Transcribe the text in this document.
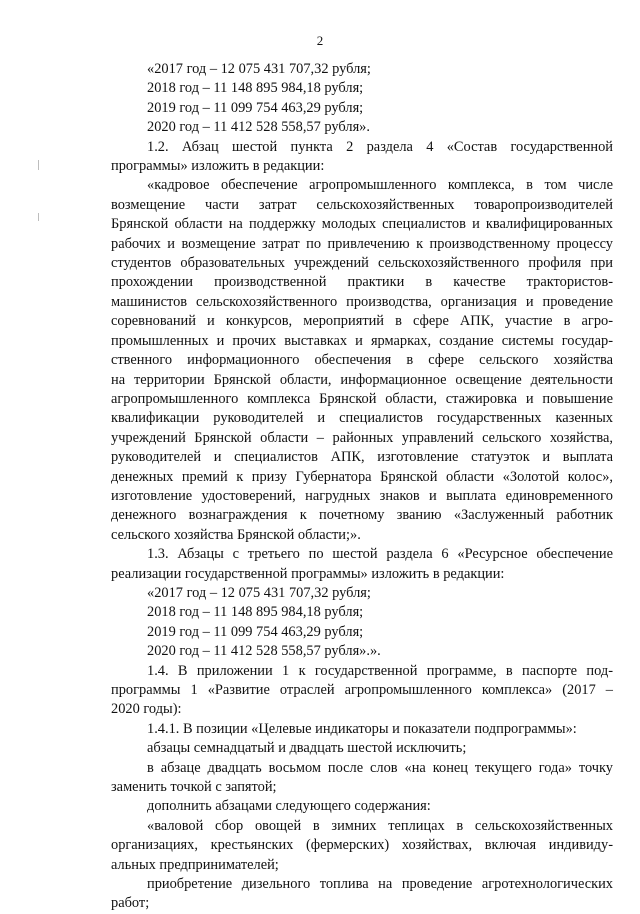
2
«2017 год – 12 075 431 707,32 рубля;
2018 год – 11 148 895 984,18 рубля;
2019 год – 11 099 754 463,29 рубля;
2020 год – 11 412 528 558,57 рубля».
1.2. Абзац шестой пункта 2 раздела 4 «Состав государственной
программы» изложить в редакции:
«кадровое обеспечение агропромышленного комплекса, в том числе
возмещение части затрат сельскохозяйственных товаропроизводителей
Брянской области на поддержку молодых специалистов и квалифицированных
рабочих и возмещение затрат по привлечению к производственному процессу
студентов образовательных учреждений сельскохозяйственного профиля при
прохождении производственной практики в качестве трактористов-
машинистов сельскохозяйственного производства, организация и проведение
соревнований и конкурсов, мероприятий в сфере АПК, участие в агро-
промышленных и прочих выставках и ярмарках, создание системы государ-
ственного информационного обеспечения в сфере сельского хозяйства
на территории Брянской области, информационное освещение деятельности
агропромышленного комплекса Брянской области, стажировка и повышение
квалификации руководителей и специалистов государственных казенных
учреждений Брянской области – районных управлений сельского хозяйства,
руководителей и специалистов АПК, изготовление статуэток и выплата
денежных премий к призу Губернатора Брянской области «Золотой колос»,
изготовление удостоверений, нагрудных знаков и выплата единовременного
денежного вознаграждения к почетному званию «Заслуженный работник
сельского хозяйства Брянской области;».
1.3. Абзацы с третьего по шестой раздела 6 «Ресурсное обеспечение
реализации государственной программы» изложить в редакции:
«2017 год – 12 075 431 707,32 рубля;
2018 год – 11 148 895 984,18 рубля;
2019 год – 11 099 754 463,29 рубля;
2020 год – 11 412 528 558,57 рубля».».
1.4. В приложении 1 к государственной программе, в паспорте под-
программы 1 «Развитие отраслей агропромышленного комплекса» (2017 –
2020 годы):
1.4.1. В позиции «Целевые индикаторы и показатели подпрограммы»:
абзацы семнадцатый и двадцать шестой исключить;
в абзаце двадцать восьмом после слов «на конец текущего года» точку
заменить точкой с запятой;
дополнить абзацами следующего содержания:
«валовой сбор овощей в зимних теплицах в сельскохозяйственных
организациях, крестьянских (фермерских) хозяйствах, включая индивиду-
альных предпринимателей;
приобретение дизельного топлива на проведение агротехнологических
работ;
